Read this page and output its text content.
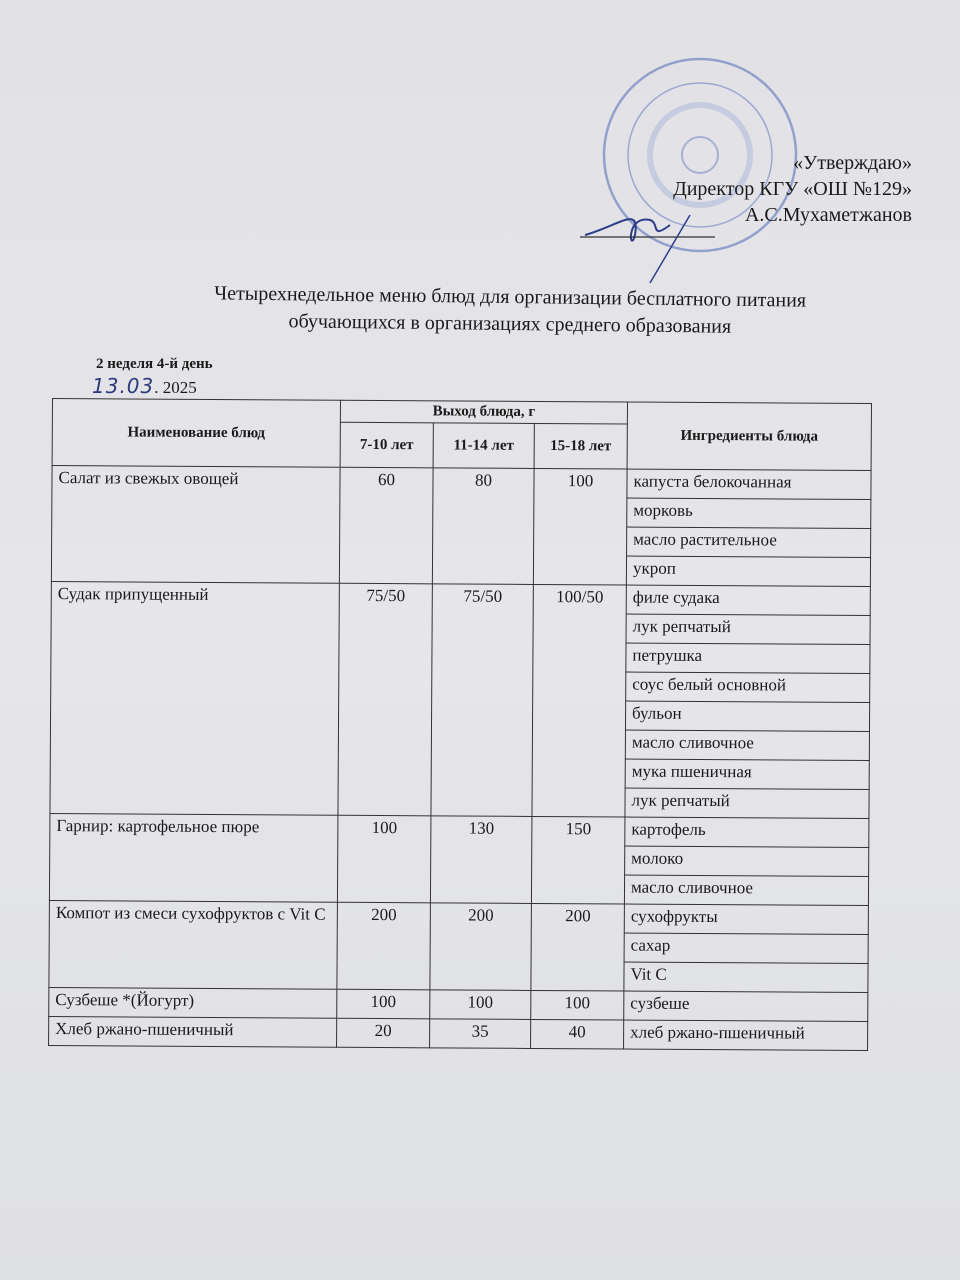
«Утверждаю»
Директор КГУ «ОШ №129»
А.С.Мухаметжанов
Четырехнедельное меню блюд для организации бесплатного питания
обучающихся в организациях среднего образования
2 неделя 4-й день
13.03. 2025
Наименование блюд	Выход блюда, г			Ингредиенты блюда
	7-10 лет	11-14 лет	15-18 лет	
Салат из свежых овощей	60	80	100	капуста белокочанная
				морковь
				масло растительное
				укроп
Судак припущенный	75/50	75/50	100/50	филе судака
				лук репчатый
				петрушка
				соус белый основной
				бульон
				масло сливочное
				мука пшеничная
				лук репчатый
Гарнир: картофельное пюре	100	130	150	картофель
				молоко
				масло сливочное
Компот из смеси сухофруктов с Vit C	200	200	200	сухофрукты
				сахар
				Vit C
Сузбеше *(Йогурт)	100	100	100	сузбеше
Хлеб ржано-пшеничный	20	35	40	хлеб ржано-пшеничный
